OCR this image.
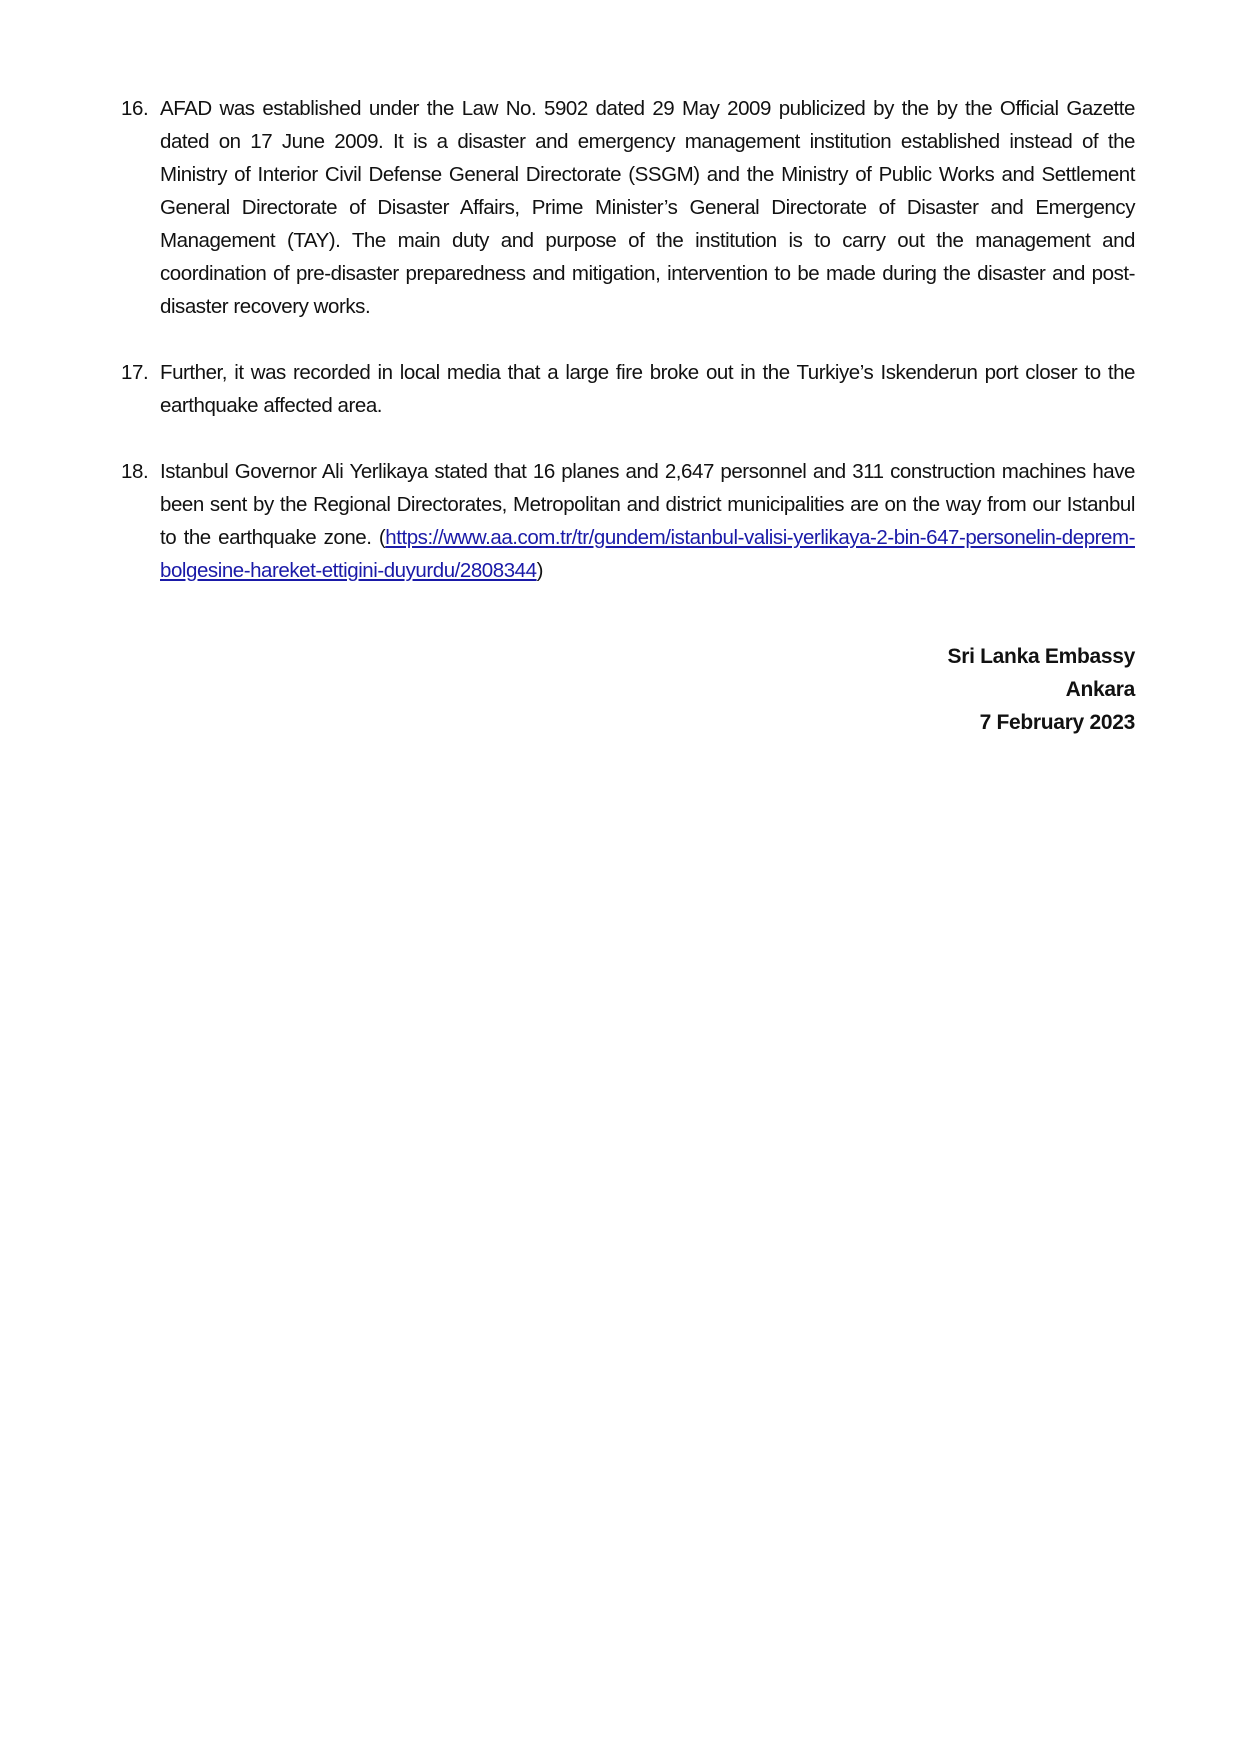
16. AFAD was established under the Law No. 5902 dated 29 May 2009 publicized by the by the Official Gazette dated on 17 June 2009. It is a disaster and emergency management institution established instead of the Ministry of Interior Civil Defense General Directorate (SSGM) and the Ministry of Public Works and Settlement General Directorate of Disaster Affairs, Prime Minister’s General Directorate of Disaster and Emergency Management (TAY). The main duty and purpose of the institution is to carry out the management and coordination of pre-disaster preparedness and mitigation, intervention to be made during the disaster and post-disaster recovery works.
17. Further, it was recorded in local media that a large fire broke out in the Turkiye’s Iskenderun port closer to the earthquake affected area.
18. Istanbul Governor Ali Yerlikaya stated that 16 planes and 2,647 personnel and 311 construction machines have been sent by the Regional Directorates, Metropolitan and district municipalities are on the way from our Istanbul to the earthquake zone. (https://www.aa.com.tr/tr/gundem/istanbul-valisi-yerlikaya-2-bin-647-personelin-deprem-bolgesine-hareket-ettigini-duyurdu/2808344)
Sri Lanka Embassy
Ankara
7 February 2023
